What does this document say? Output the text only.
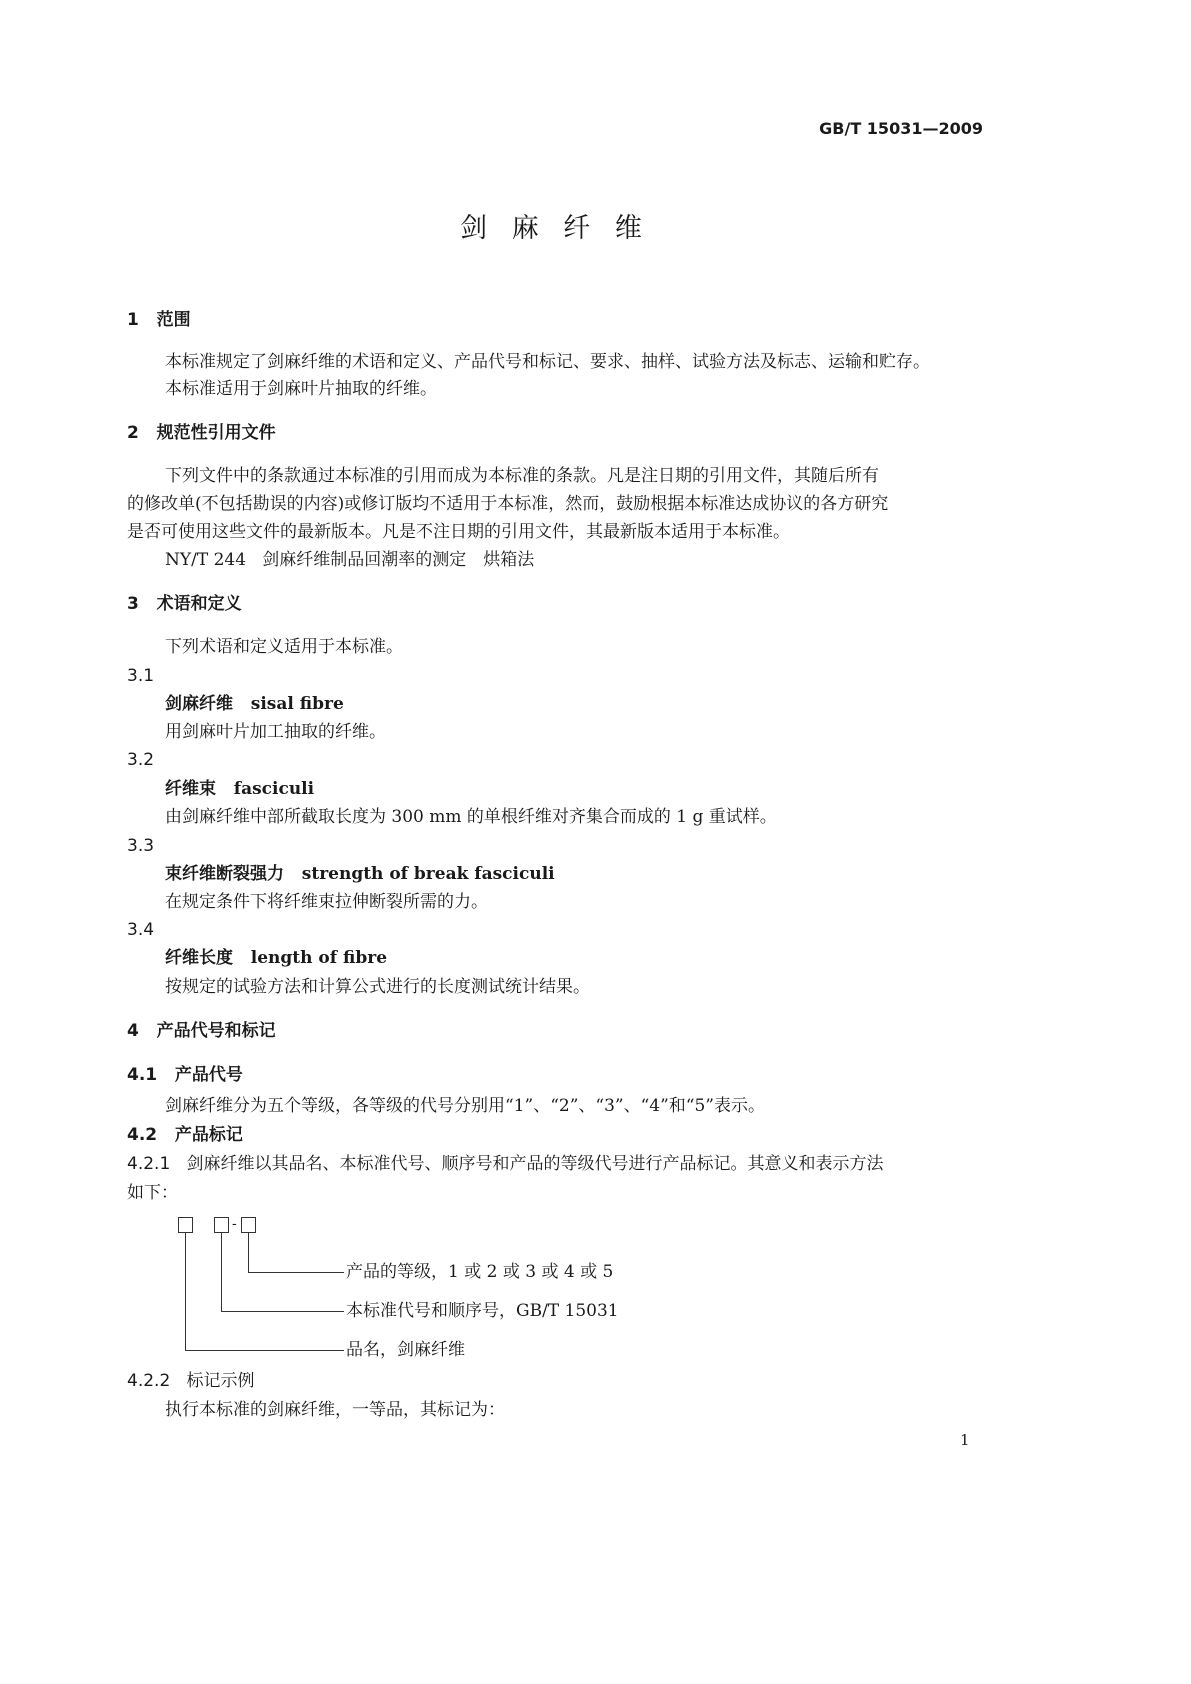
GB/T 15031—2009
剑 麻 纤 维
1 范围
本标准规定了剑麻纤维的术语和定义、产品代号和标记、要求、抽样、试验方法及标志、运输和贮存。
本标准适用于剑麻叶片抽取的纤维。
2 规范性引用文件
下列文件中的条款通过本标准的引用而成为本标准的条款。凡是注日期的引用文件，其随后所有
的修改单(不包括勘误的内容)或修订版均不适用于本标准，然而，鼓励根据本标准达成协议的各方研究
是否可使用这些文件的最新版本。凡是不注日期的引用文件，其最新版本适用于本标准。
NY/T 244 剑麻纤维制品回潮率的测定　烘箱法
3 术语和定义
下列术语和定义适用于本标准。
3.1
剑麻纤维 sisal fibre
用剑麻叶片加工抽取的纤维。
3.2
纤维束 fasciculi
由剑麻纤维中部所截取长度为 300 mm 的单根纤维对齐集合而成的 1 g 重试样。
3.3
束纤维断裂强力 strength of break fasciculi
在规定条件下将纤维束拉伸断裂所需的力。
3.4
纤维长度 length of fibre
按规定的试验方法和计算公式进行的长度测试统计结果。
4 产品代号和标记
4.1 产品代号
剑麻纤维分为五个等级，各等级的代号分别用“1”、“2”、“3”、“4”和“5”表示。
4.2 产品标记
4.2.1 剑麻纤维以其品名、本标准代号、顺序号和产品的等级代号进行产品标记。其意义和表示方法
如下：
-
产品的等级，1 或 2 或 3 或 4 或 5
本标准代号和顺序号，GB/T 15031
品名，剑麻纤维
4.2.2 标记示例
执行本标准的剑麻纤维，一等品，其标记为：
1
